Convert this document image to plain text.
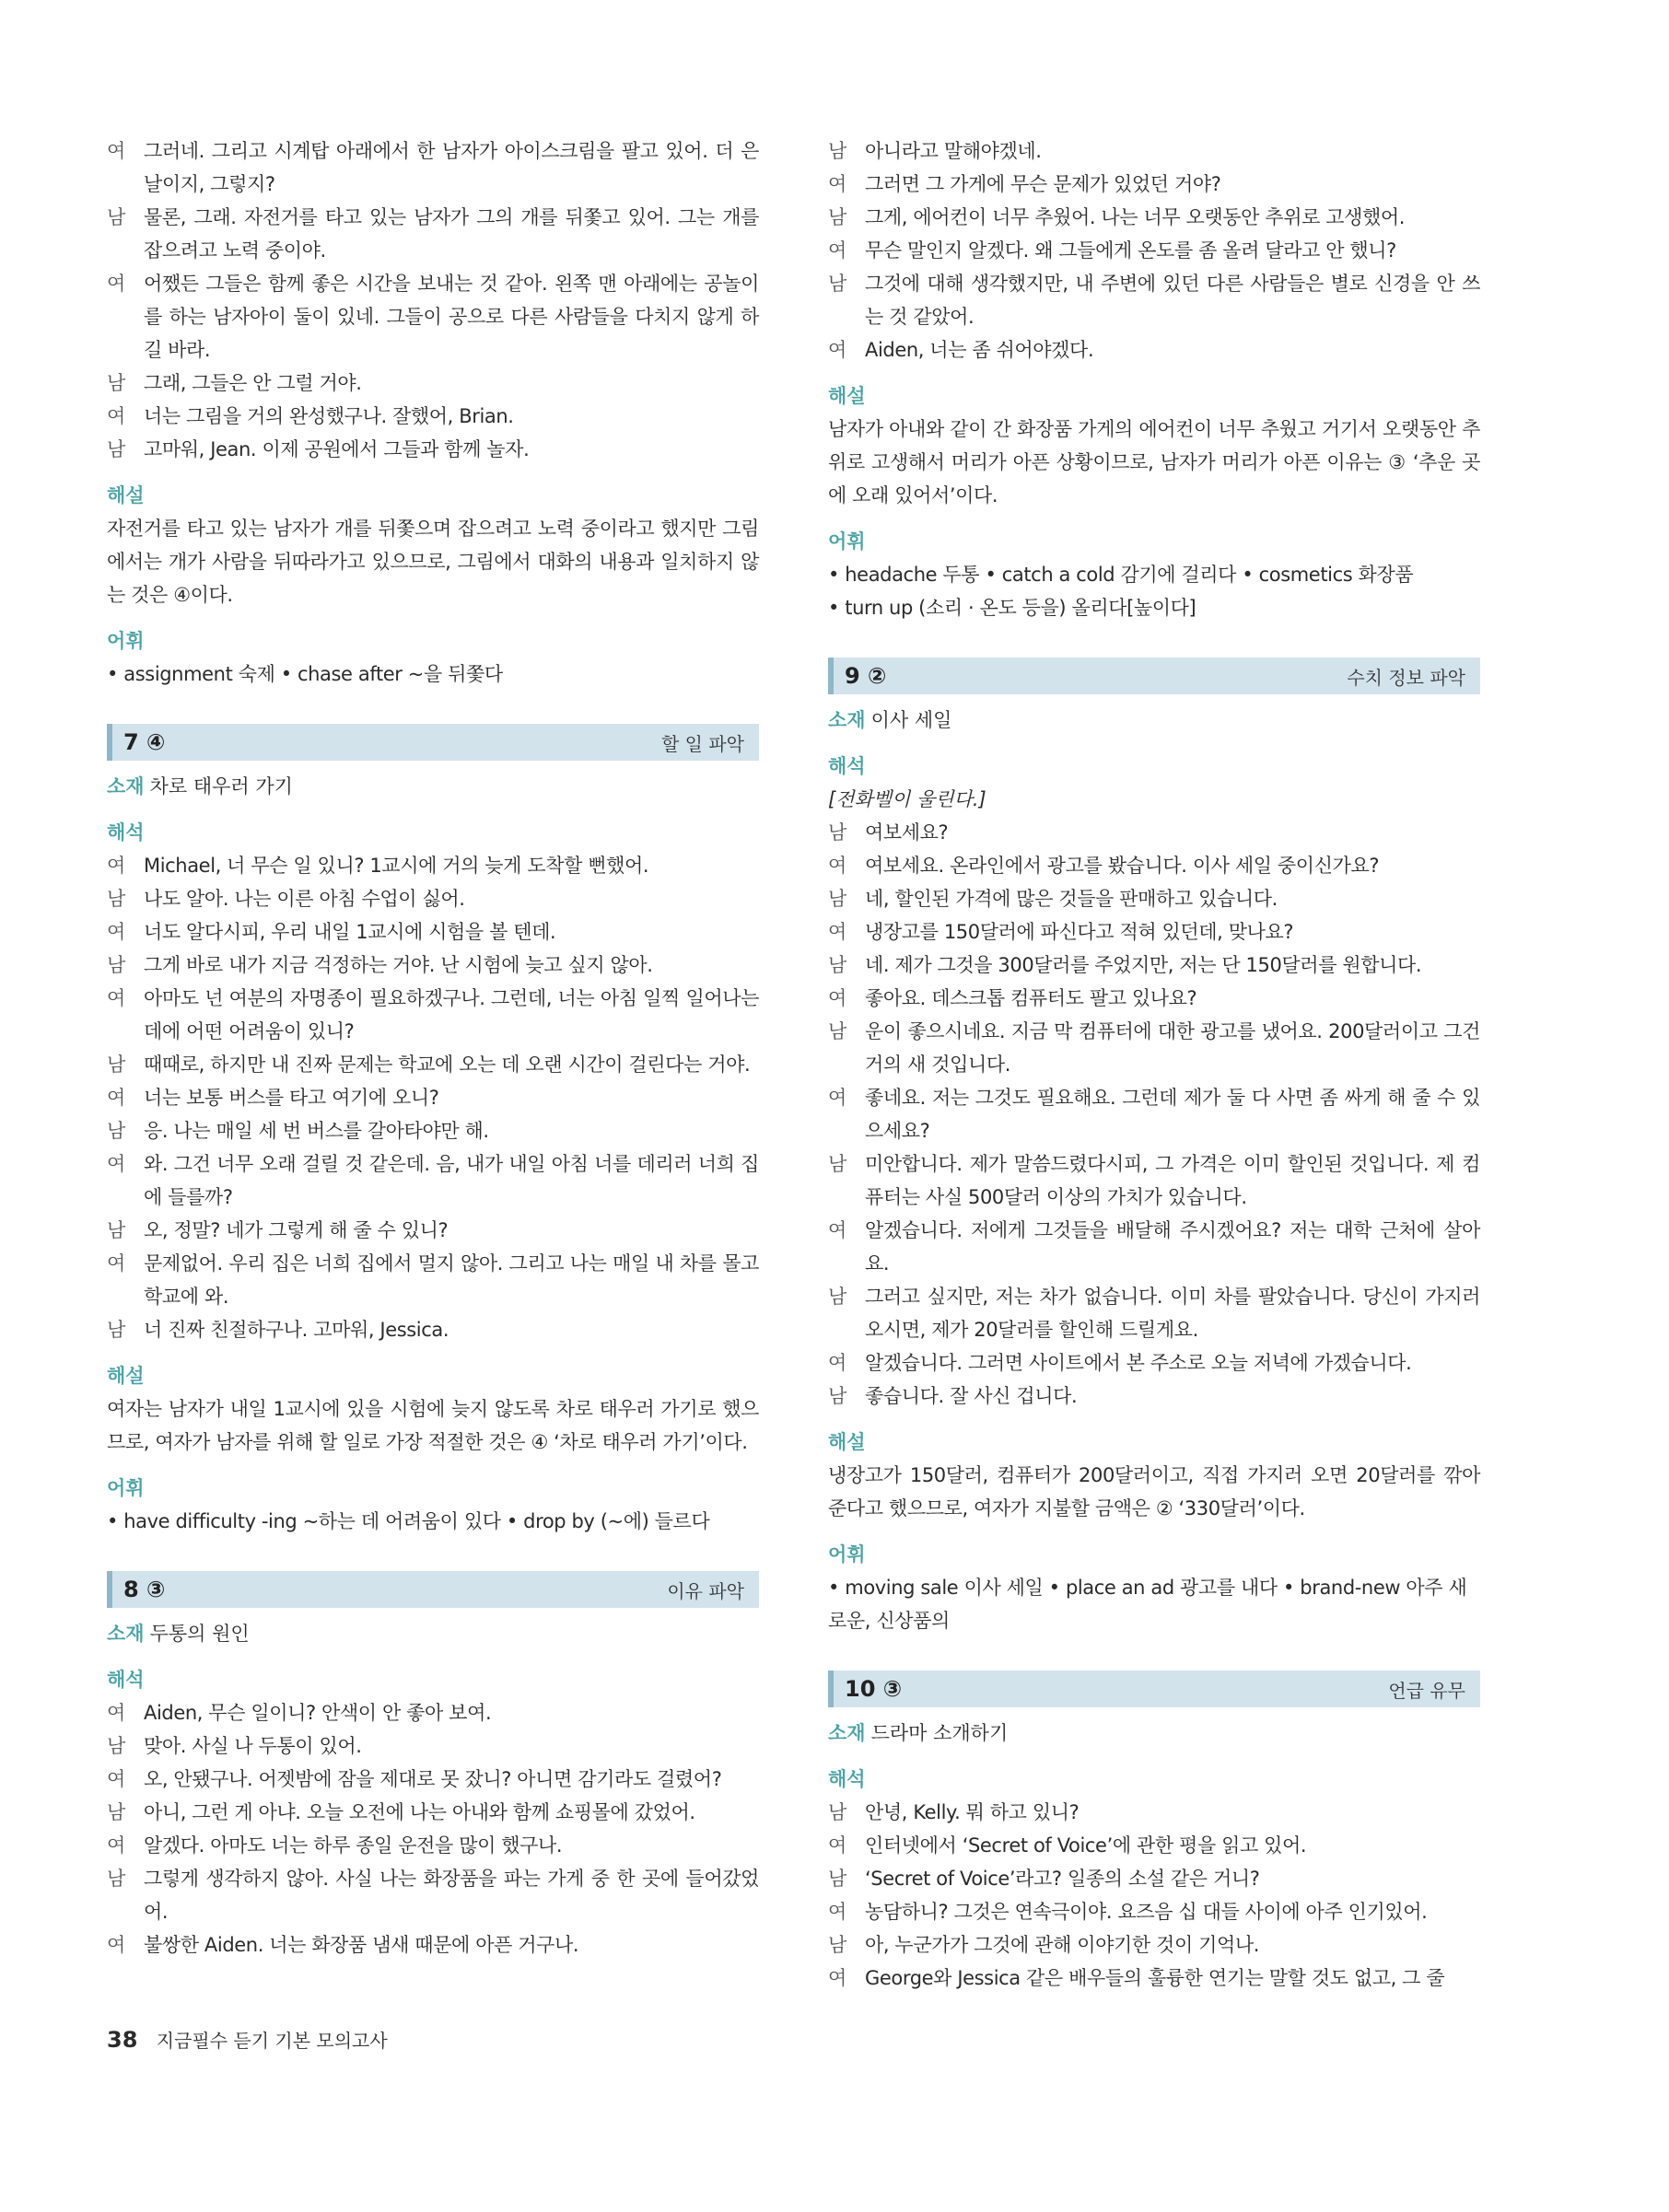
여 그러네. 그리고 시계탑 아래에서 한 남자가 아이스크림을 팔고 있어. 더 은 날이지, 그렇지?
남 물론, 그래. 자전거를 타고 있는 남자가 그의 개를 뒤쫓고 있어. 그는 개를 잡으려고 노력 중이야.
여 어쨌든 그들은 함께 좋은 시간을 보내는 것 같아. 왼쪽 맨 아래에는 공놀이를 하는 남자아이 둘이 있네. 그들이 공으로 다른 사람들을 다치지 않게 하길 바라.
남 그래, 그들은 안 그럴 거야.
여 너는 그림을 거의 완성했구나. 잘했어, Brian.
남 고마워, Jean. 이제 공원에서 그들과 함께 놀자.
해설
자전거를 타고 있는 남자가 개를 뒤쫓으며 잡으려고 노력 중이라고 했지만 그림에서는 개가 사람을 뒤따라가고 있으므로, 그림에서 대화의 내용과 일치하지 않는 것은 ④이다.
어휘
• assignment 숙제 • chase after ~을 뒤쫓다
7 ④	할 일 파악
소재 차로 태우러 가기
해석
여 Michael, 너 무슨 일 있니? 1교시에 거의 늦게 도착할 뻔했어.
남 나도 알아. 나는 이른 아침 수업이 싫어.
여 너도 알다시피, 우리 내일 1교시에 시험을 볼 텐데.
남 그게 바로 내가 지금 걱정하는 거야. 난 시험에 늦고 싶지 않아.
여 아마도 넌 여분의 자명종이 필요하겠구나. 그런데, 너는 아침 일찍 일어나는 데에 어떤 어려움이 있니?
남 때때로, 하지만 내 진짜 문제는 학교에 오는 데 오랜 시간이 걸린다는 거야.
여 너는 보통 버스를 타고 여기에 오니?
남 응. 나는 매일 세 번 버스를 갈아타야만 해.
여 와. 그건 너무 오래 걸릴 것 같은데. 음, 내가 내일 아침 너를 데리러 너희 집에 들를까?
남 오, 정말? 네가 그렇게 해 줄 수 있니?
여 문제없어. 우리 집은 너희 집에서 멀지 않아. 그리고 나는 매일 내 차를 몰고 학교에 와.
남 너 진짜 친절하구나. 고마워, Jessica.
해설
여자는 남자가 내일 1교시에 있을 시험에 늦지 않도록 차로 태우러 가기로 했으므로, 여자가 남자를 위해 할 일로 가장 적절한 것은 ④ ‘차로 태우러 가기’이다.
어휘
• have difficulty -ing ~하는 데 어려움이 있다 • drop by (~에) 들르다
8 ③	이유 파악
소재 두통의 원인
해석
여 Aiden, 무슨 일이니? 안색이 안 좋아 보여.
남 맞아. 사실 나 두통이 있어.
여 오, 안됐구나. 어젯밤에 잠을 제대로 못 잤니? 아니면 감기라도 걸렸어?
남 아니, 그런 게 아냐. 오늘 오전에 나는 아내와 함께 쇼핑몰에 갔었어.
여 알겠다. 아마도 너는 하루 종일 운전을 많이 했구나.
남 그렇게 생각하지 않아. 사실 나는 화장품을 파는 가게 중 한 곳에 들어갔었어.
여 불쌍한 Aiden. 너는 화장품 냄새 때문에 아픈 거구나.
남 아니라고 말해야겠네.
여 그러면 그 가게에 무슨 문제가 있었던 거야?
남 그게, 에어컨이 너무 추웠어. 나는 너무 오랫동안 추위로 고생했어.
여 무슨 말인지 알겠다. 왜 그들에게 온도를 좀 올려 달라고 안 했니?
남 그것에 대해 생각했지만, 내 주변에 있던 다른 사람들은 별로 신경을 안 쓰는 것 같았어.
여 Aiden, 너는 좀 쉬어야겠다.
해설
남자가 아내와 같이 간 화장품 가게의 에어컨이 너무 추웠고 거기서 오랫동안 추위로 고생해서 머리가 아픈 상황이므로, 남자가 머리가 아픈 이유는 ③ ‘추운 곳에 오래 있어서’이다.
어휘
• headache 두통 • catch a cold 감기에 걸리다 • cosmetics 화장품
• turn up (소리 · 온도 등을) 올리다[높이다]
9 ②	수치 정보 파악
소재 이사 세일
해석
[전화벨이 울린다.]
남 여보세요?
여 여보세요. 온라인에서 광고를 봤습니다. 이사 세일 중이신가요?
남 네, 할인된 가격에 많은 것들을 판매하고 있습니다.
여 냉장고를 150달러에 파신다고 적혀 있던데, 맞나요?
남 네. 제가 그것을 300달러를 주었지만, 저는 단 150달러를 원합니다.
여 좋아요. 데스크톱 컴퓨터도 팔고 있나요?
남 운이 좋으시네요. 지금 막 컴퓨터에 대한 광고를 냈어요. 200달러이고 그건 거의 새 것입니다.
여 좋네요. 저는 그것도 필요해요. 그런데 제가 둘 다 사면 좀 싸게 해 줄 수 있으세요?
남 미안합니다. 제가 말씀드렸다시피, 그 가격은 이미 할인된 것입니다. 제 컴퓨터는 사실 500달러 이상의 가치가 있습니다.
여 알겠습니다. 저에게 그것들을 배달해 주시겠어요? 저는 대학 근처에 살아요.
남 그러고 싶지만, 저는 차가 없습니다. 이미 차를 팔았습니다. 당신이 가지러 오시면, 제가 20달러를 할인해 드릴게요.
여 알겠습니다. 그러면 사이트에서 본 주소로 오늘 저녁에 가겠습니다.
남 좋습니다. 잘 사신 겁니다.
해설
냉장고가 150달러, 컴퓨터가 200달러이고, 직접 가지러 오면 20달러를 깎아 준다고 했으므로, 여자가 지불할 금액은 ② ‘330달러’이다.
어휘
• moving sale 이사 세일 • place an ad 광고를 내다 • brand-new 아주 새로운, 신상품의
10 ③	언급 유무
소재 드라마 소개하기
해석
남 안녕, Kelly. 뭐 하고 있니?
여 인터넷에서 ‘Secret of Voice’에 관한 평을 읽고 있어.
남 ‘Secret of Voice’라고? 일종의 소설 같은 거니?
여 농담하니? 그것은 연속극이야. 요즈음 십 대들 사이에 아주 인기있어.
남 아, 누군가가 그것에 관해 이야기한 것이 기억나.
여 George와 Jessica 같은 배우들의 훌륭한 연기는 말할 것도 없고, 그 줄
38 지금필수 듣기 기본 모의고사
